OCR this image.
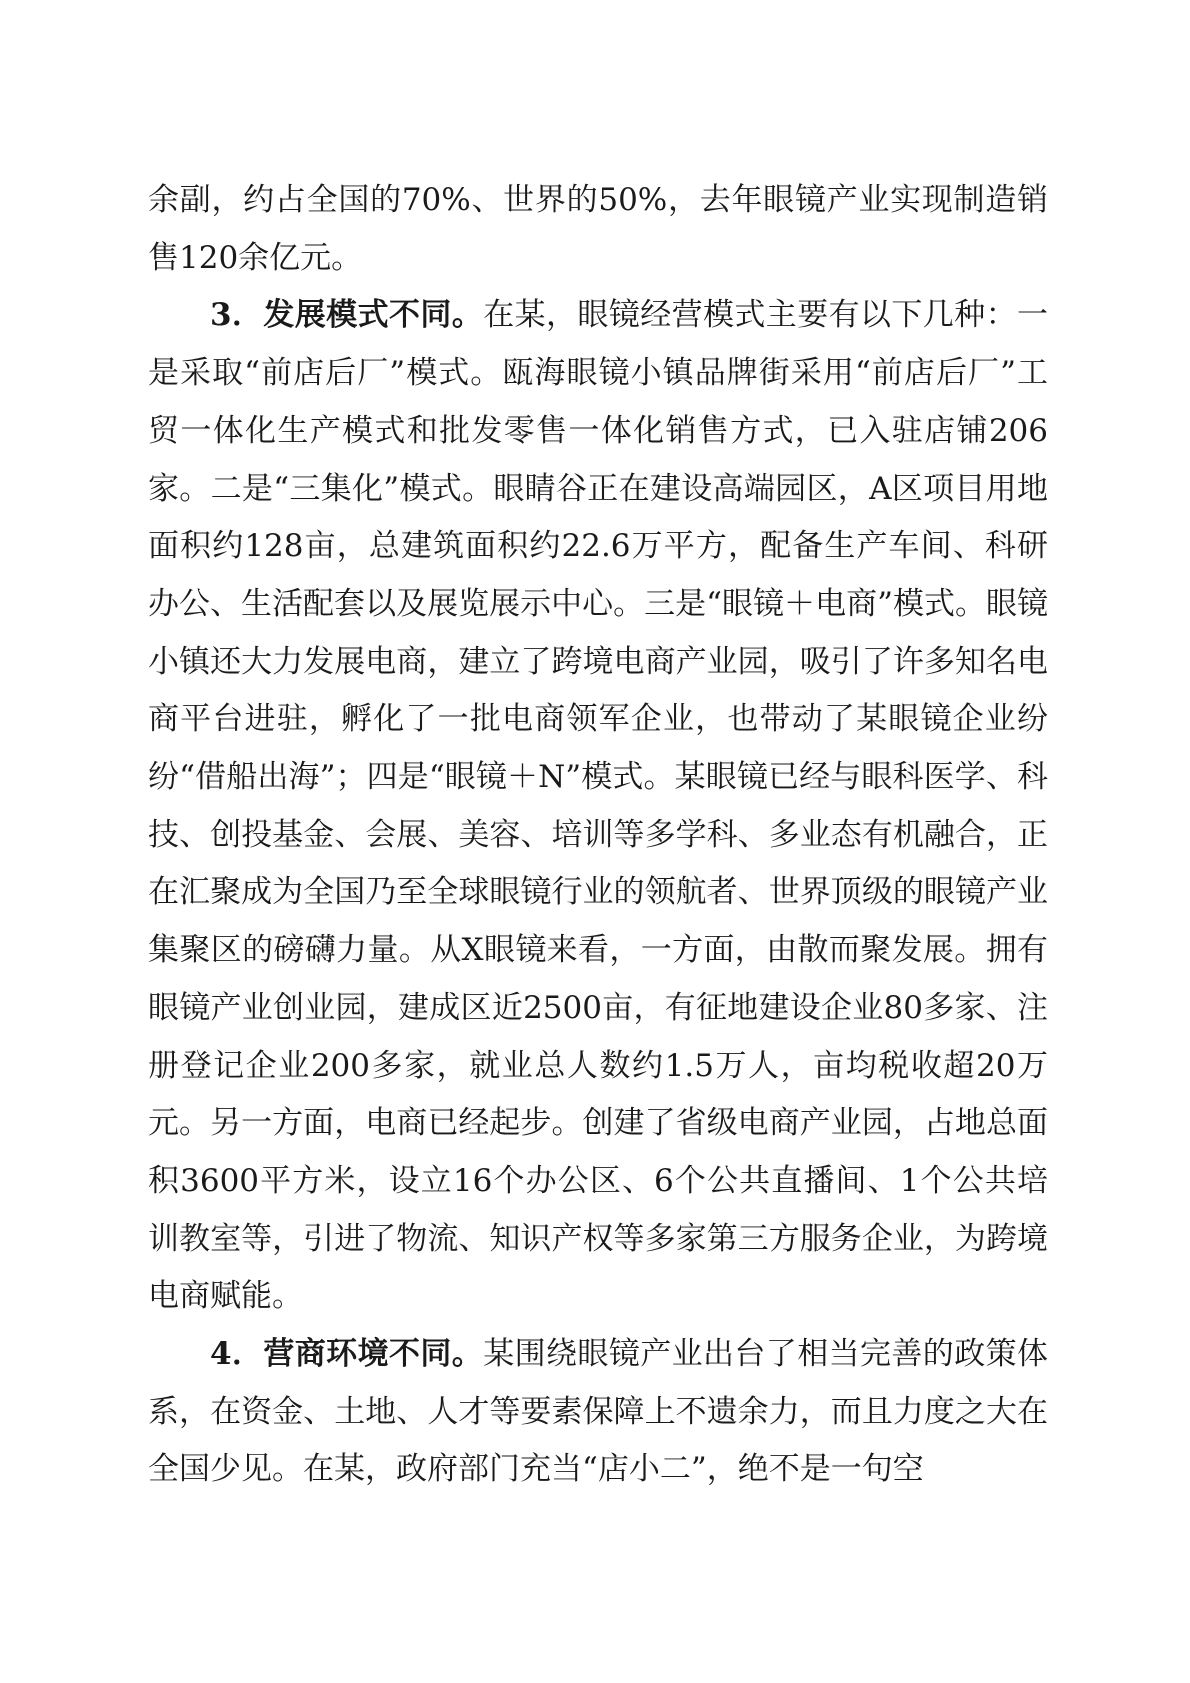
余副，约占全国的70%、世界的50%，去年眼镜产业实现制造销售120余亿元。

3．发展模式不同。在某，眼镜经营模式主要有以下几种：一是采取“前店后厂”模式。瓯海眼镜小镇品牌街采用“前店后厂”工贸一体化生产模式和批发零售一体化销售方式，已入驻店铺206家。二是“三集化”模式。眼睛谷正在建设高端园区，A区项目用地面积约128亩，总建筑面积约22.6万平方，配备生产车间、科研办公、生活配套以及展览展示中心。三是“眼镜＋电商”模式。眼镜小镇还大力发展电商，建立了跨境电商产业园，吸引了许多知名电商平台进驻，孵化了一批电商领军企业，也带动了某眼镜企业纷纷“借船出海”；四是“眼镜＋N”模式。某眼镜已经与眼科医学、科技、创投基金、会展、美容、培训等多学科、多业态有机融合，正在汇聚成为全国乃至全球眼镜行业的领航者、世界顶级的眼镜产业集聚区的磅礴力量。从X眼镜来看，一方面，由散而聚发展。拥有眼镜产业创业园，建成区近2500亩，有征地建设企业80多家、注册登记企业200多家，就业总人数约1.5万人，亩均税收超20万元。另一方面，电商已经起步。创建了省级电商产业园，占地总面积3600平方米，设立16个办公区、6个公共直播间、1个公共培训教室等，引进了物流、知识产权等多家第三方服务企业，为跨境电商赋能。

4．营商环境不同。某围绕眼镜产业出台了相当完善的政策体系，在资金、土地、人才等要素保障上不遗余力，而且力度之大在全国少见。在某，政府部门充当“店小二”，绝不是一句空
